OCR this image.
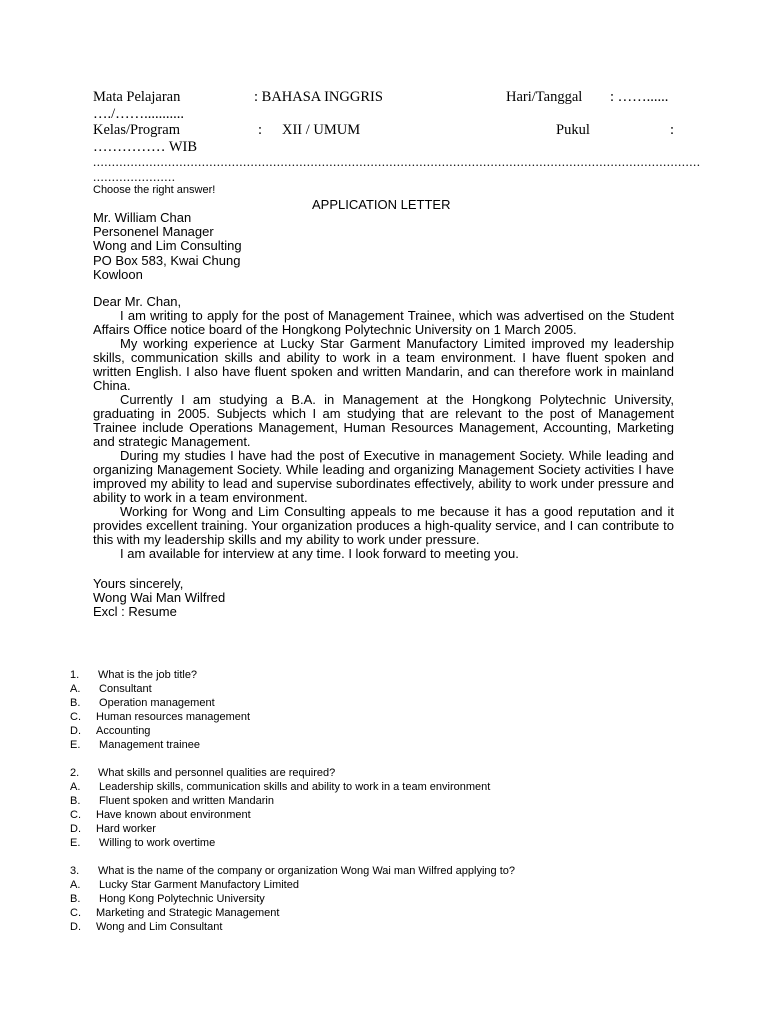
Mata Pelajaran	: BAHASA INGGRIS	Hari/Tanggal : ……......
…./……...........
Kelas/Program	: XII / UMUM	Pukul	:
…………… WIB
..................................................................................................................................................................
......................
Choose the right answer!
APPLICATION LETTER
Mr. William Chan
Personenel Manager
Wong and Lim Consulting
PO Box 583, Kwai Chung
Kowloon
Dear Mr. Chan,

I am writing to apply for the post of Management Trainee, which was advertised on the Student Affairs Office notice board of the Hongkong Polytechnic University on 1 March 2005.

My working experience at Lucky Star Garment Manufactory Limited improved my leadership skills, communication skills and ability to work in a team environment. I have fluent spoken and written English. I also have fluent spoken and written Mandarin, and can therefore work in mainland China.

Currently I am studying a B.A. in Management at the Hongkong Polytechnic University, graduating in 2005. Subjects which I am studying that are relevant to the post of Management Trainee include Operations Management, Human Resources Management, Accounting, Marketing and strategic Management.

During my studies I have had the post of Executive in management Society. While leading and organizing Management Society. While leading and organizing Management Society activities I have improved my ability to lead and supervise subordinates effectively, ability to work under pressure and ability to work in a team environment.

Working for Wong and Lim Consulting appeals to me because it has a good reputation and it provides excellent training. Your organization produces a high-quality service, and I can contribute to this with my leadership skills and my ability to work under pressure.

I am available for interview at any time. I look forward to meeting you.

Yours sincerely,
Wong Wai Man Wilfred
Excl : Resume
1.	What is the job title?
A.	Consultant
B.	Operation management
C.	Human resources management
D.	Accounting
E.	Management trainee
2.	What skills and personnel qualities are required?
A.	Leadership skills, communication skills and ability to work in a team environment
B.	Fluent spoken and written Mandarin
C.	Have known about environment
D.	Hard worker
E.	Willing to work overtime
3.	What is the name of the company or organization Wong Wai man Wilfred applying to?
A.	Lucky Star Garment Manufactory Limited
B.	Hong Kong Polytechnic University
C.	Marketing and Strategic Management
D.	Wong and Lim Consultant
